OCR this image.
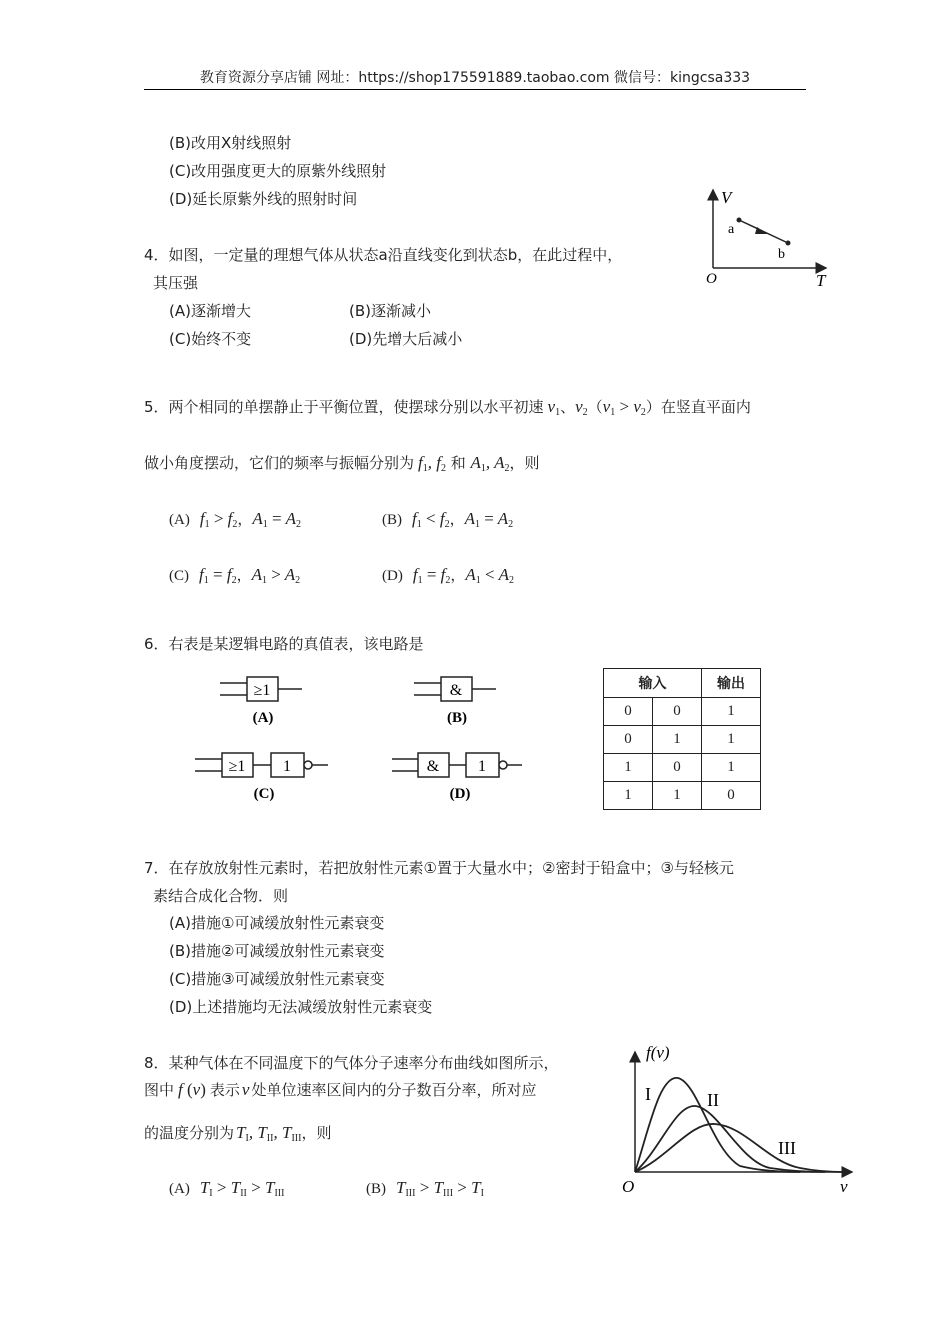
教育资源分享店铺 网址：https://shop175591889.taobao.com 微信号：kingcsa333
(B)改用X射线照射
(C)改用强度更大的原紫外线照射
(D)延长原紫外线的照射时间
4．如图，一定量的理想气体从状态a沿直线变化到状态b，在此过程中，
其压强
(A)逐渐增大	(B)逐渐减小
(C)始终不变	(D)先增大后减小
V
T
O
a
b
5．两个相同的单摆静止于平衡位置，使摆球分别以水平初速 $v_1$、$v_2(v_1 > v_2)$在竖直平面内
做小角度摆动，它们的频率与振幅分别为 $f_1$, $f_2$ 和 $A_1$, $A_2$，则
(A) $f_1 > f_2$，$A_1 = A_2$	(B) $f_1 < f_2$，$A_1 = A_2$
(C) $f_1 = f_2$，$A_1 > A_2$	(D) $f_1 = f_2$，$A_1 < A_2$
6．右表是某逻辑电路的真值表，该电路是
≥1
(A)
&
(B)
≥1 1
(C)
& 1
(D)
输入		输出
0	0	1
0	1	1
1	0	1
1	1	0
7．在存放放射性元素时，若把放射性元素①置于大量水中；②密封于铅盒中；③与轻核元
素结合成化合物．则
(A)措施①可减缓放射性元素衰变
(B)措施②可减缓放射性元素衰变
(C)措施③可减缓放射性元素衰变
(D)上述措施均无法减缓放射性元素衰变
8．某种气体在不同温度下的气体分子速率分布曲线如图所示，
图中 f (v) 表示 v 处单位速率区间内的分子数百分率，所对应
的温度分别为 $T_I$, $T_{II}$, $T_{III}$，则
(A) $T_I > T_{II} > T_{III}$	(B) $T_{III} > T_{III} > T_I$
f(v)
v
O
I	II
III
